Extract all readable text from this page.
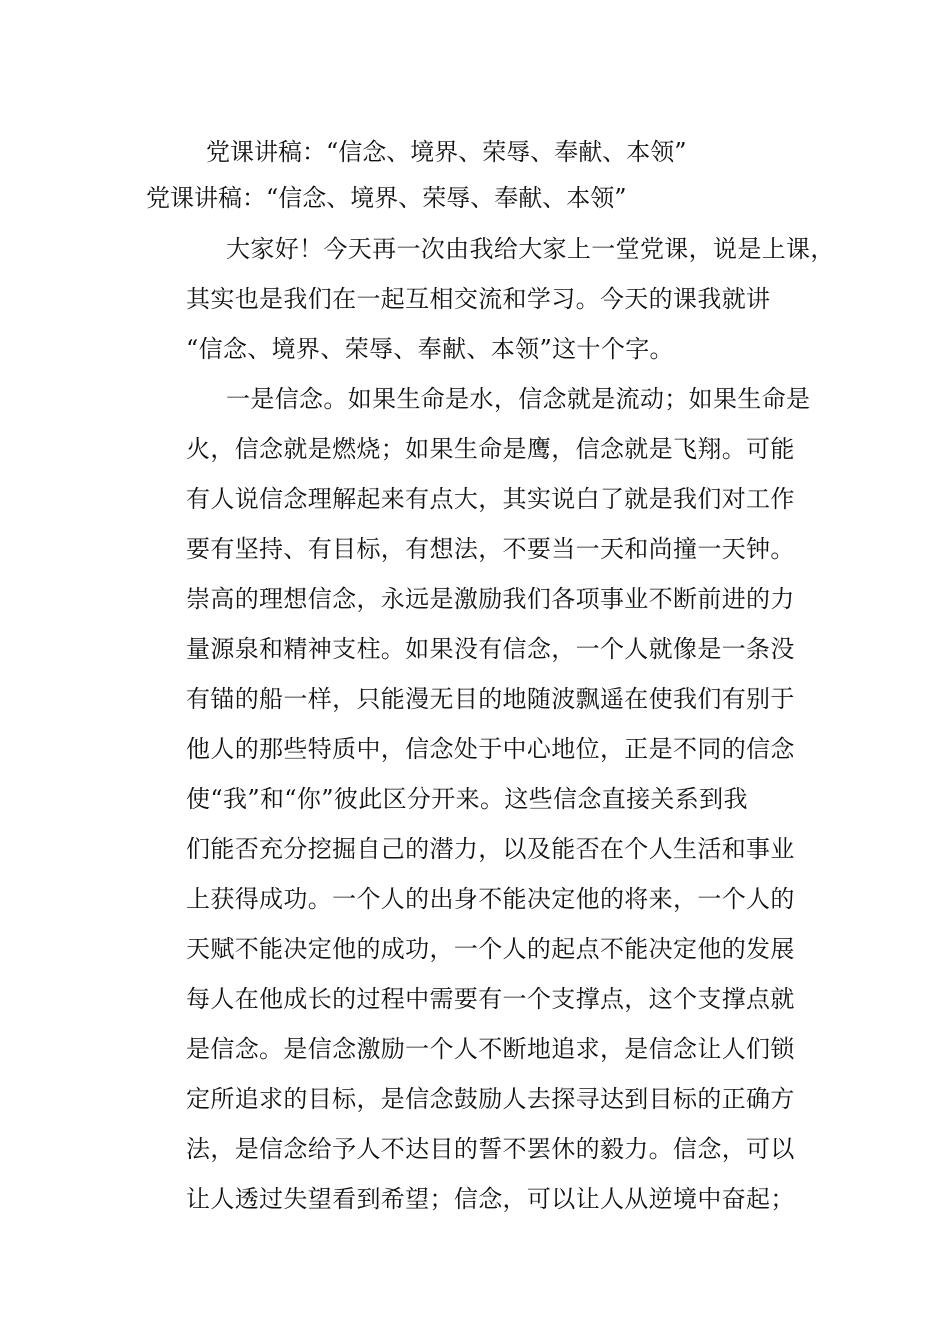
党课讲稿：“信念、境界、荣辱、奉献、本领”
党课讲稿：“信念、境界、荣辱、奉献、本领”
大家好！今天再一次由我给大家上一堂党课，说是上课，
其实也是我们在一起互相交流和学习。今天的课我就讲
“信念、境界、荣辱、奉献、本领”这十个字。
一是信念。如果生命是水，信念就是流动；如果生命是
火，信念就是燃烧；如果生命是鹰，信念就是飞翔。可能
有人说信念理解起来有点大，其实说白了就是我们对工作
要有坚持、有目标，有想法，不要当一天和尚撞一天钟。
崇高的理想信念，永远是激励我们各项事业不断前进的力
量源泉和精神支柱。如果没有信念，一个人就像是一条没
有锚的船一样，只能漫无目的地随波飘遥在使我们有别于
他人的那些特质中，信念处于中心地位，正是不同的信念
使“我”和“你”彼此区分开来。这些信念直接关系到我
们能否充分挖掘自己的潜力，以及能否在个人生活和事业
上获得成功。一个人的出身不能决定他的将来，一个人的
天赋不能决定他的成功，一个人的起点不能决定他的发展
每人在他成长的过程中需要有一个支撑点，这个支撑点就
是信念。是信念激励一个人不断地追求，是信念让人们锁
定所追求的目标，是信念鼓励人去探寻达到目标的正确方
法，是信念给予人不达目的誓不罢休的毅力。信念，可以
让人透过失望看到希望；信念，可以让人从逆境中奋起；
